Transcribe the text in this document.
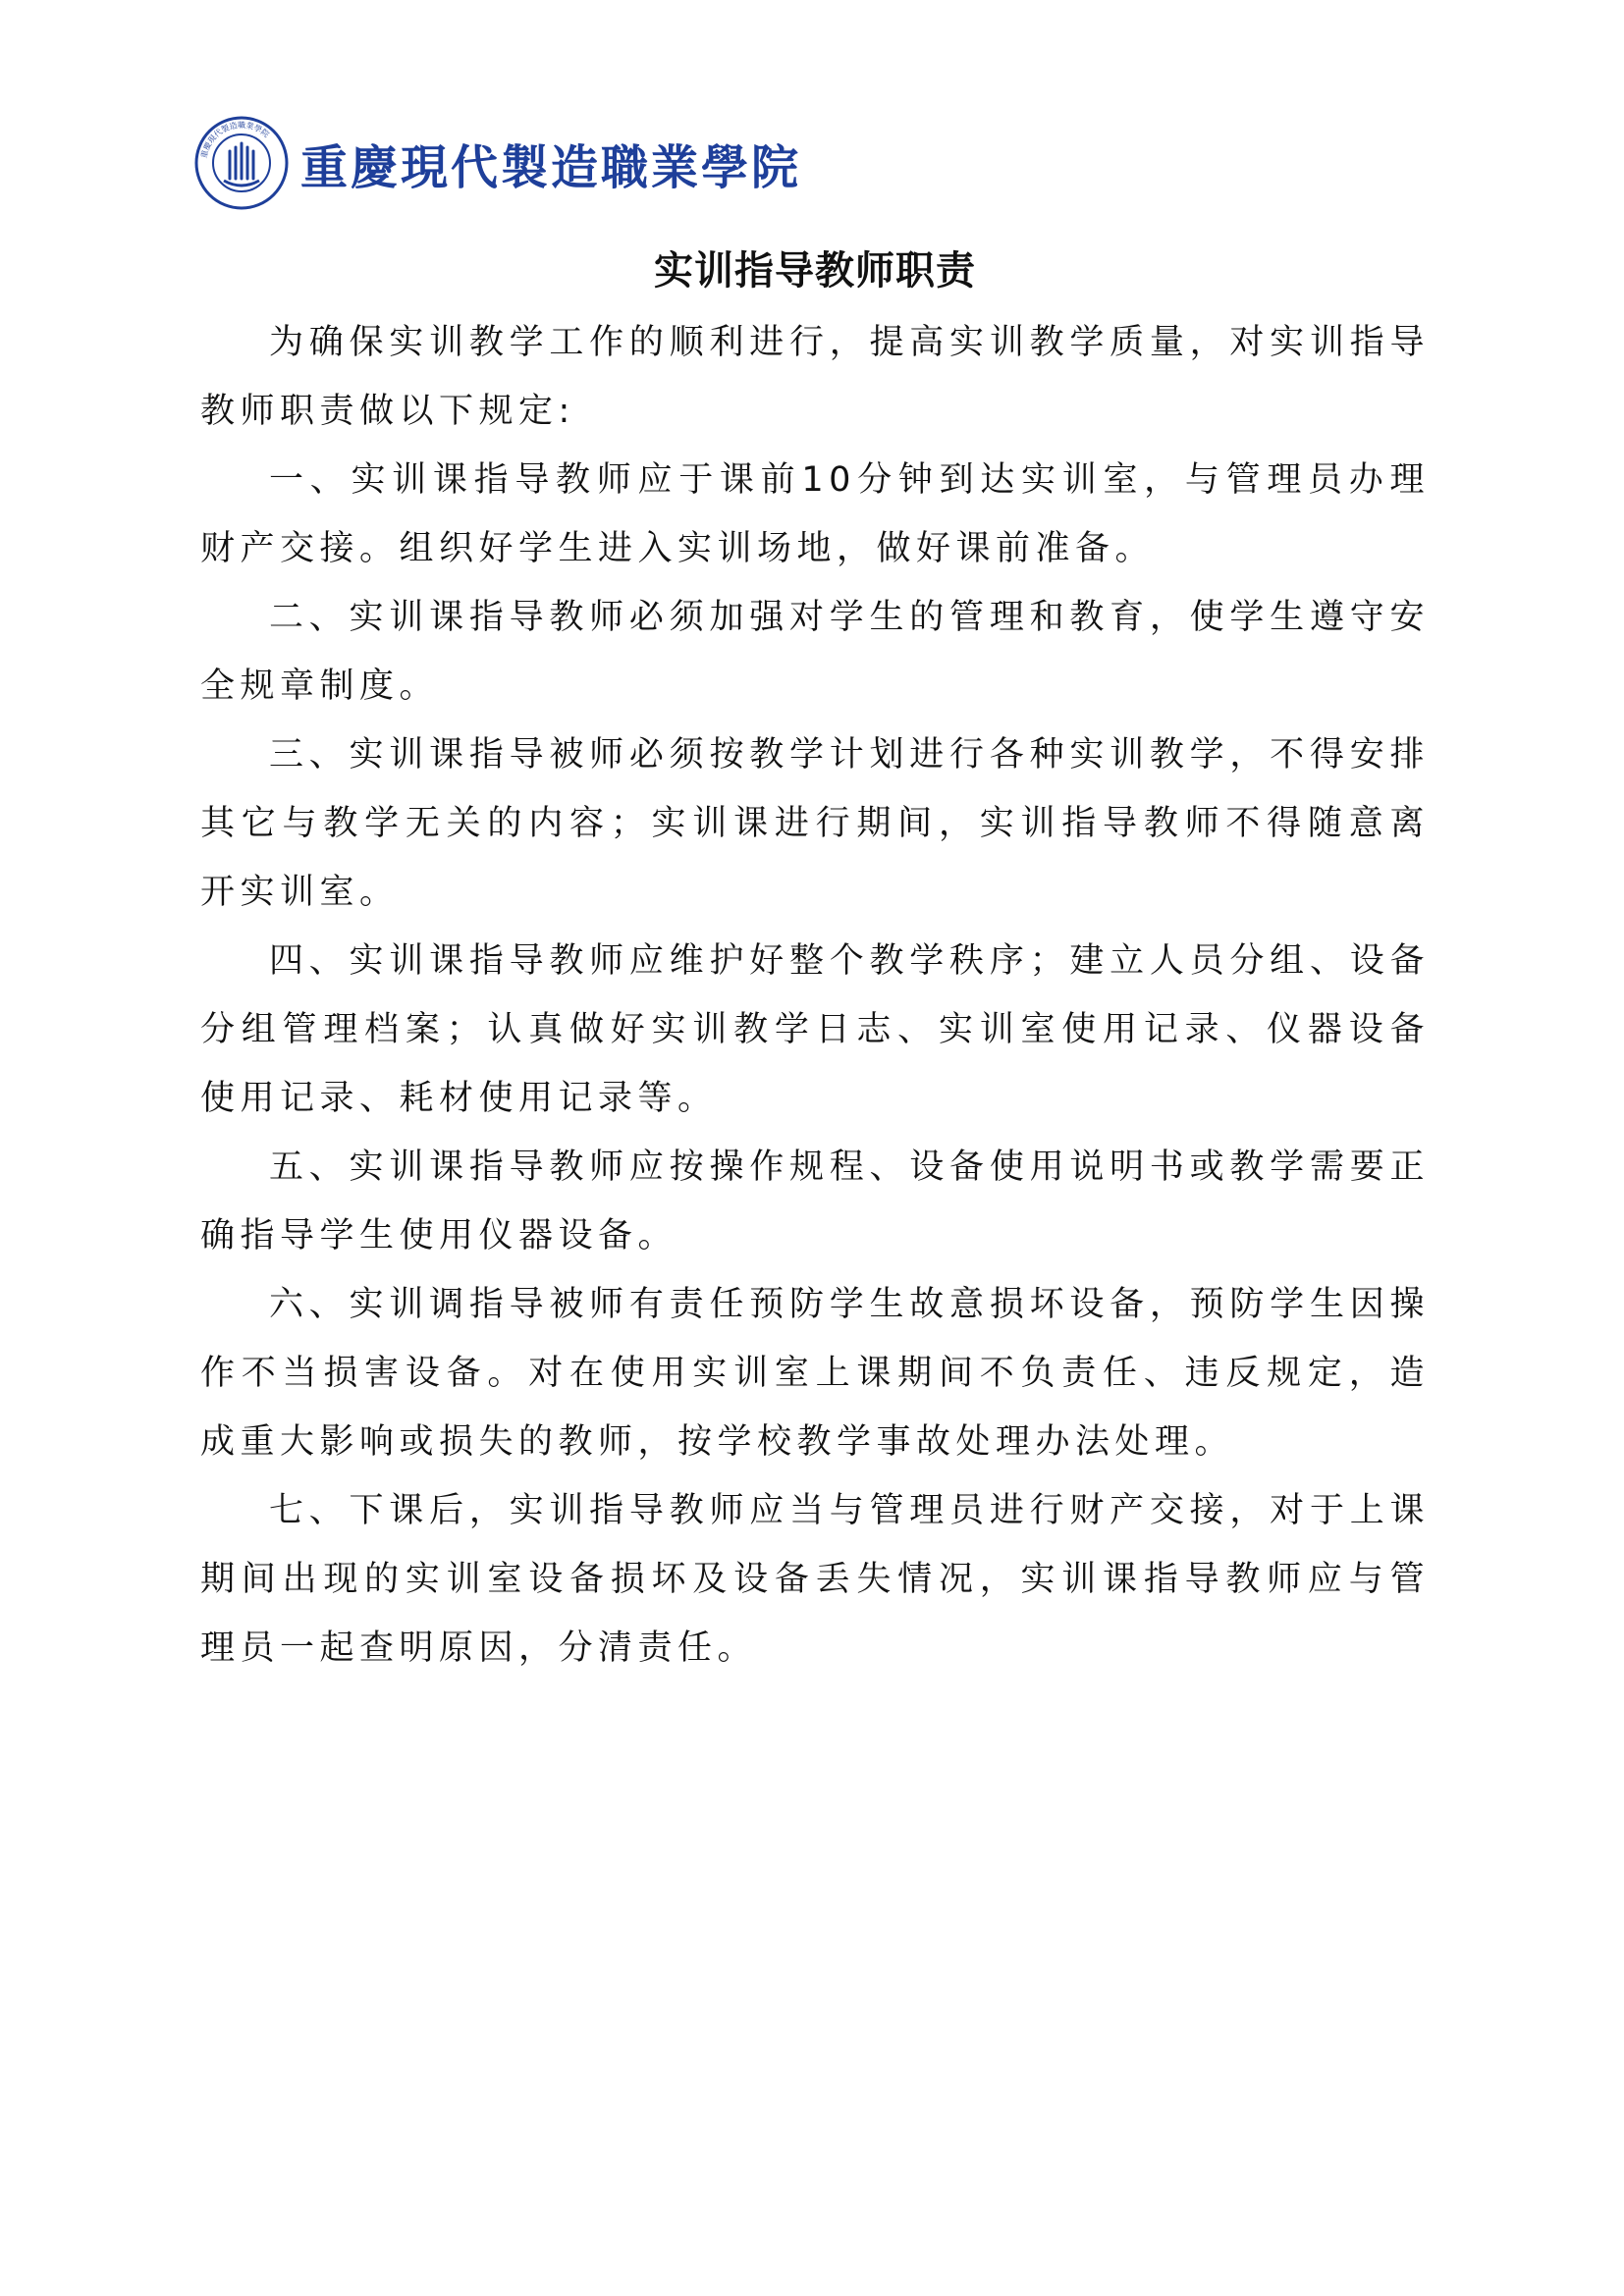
重慶現代製造職業學院
重慶現代製造職業學院
实训指导教师职责

为确保实训教学工作的顺利进行，提高实训教学质量，对实训指导教师职责做以下规定:

一、实训课指导教师应于课前10分钟到达实训室，与管理员办理财产交接。组织好学生进入实训场地，做好课前准备。

二、实训课指导教师必须加强对学生的管理和教育，使学生遵守安全规章制度。

三、实训课指导被师必须按教学计划进行各种实训教学，不得安排其它与教学无关的内容；实训课进行期间，实训指导教师不得随意离开实训室。

四、实训课指导教师应维护好整个教学秩序；建立人员分组、设备分组管理档案；认真做好实训教学日志、实训室使用记录、仪器设备使用记录、耗材使用记录等。

五、实训课指导教师应按操作规程、设备使用说明书或教学需要正确指导学生使用仪器设备。

六、实训调指导被师有责任预防学生故意损坏设备，预防学生因操作不当损害设备。对在使用实训室上课期间不负责任、违反规定，造成重大影响或损失的教师，按学校教学事故处理办法处理。

七、下课后，实训指导教师应当与管理员进行财产交接，对于上课期间出现的实训室设备损坏及设备丢失情况，实训课指导教师应与管理员一起查明原因，分清责任。
